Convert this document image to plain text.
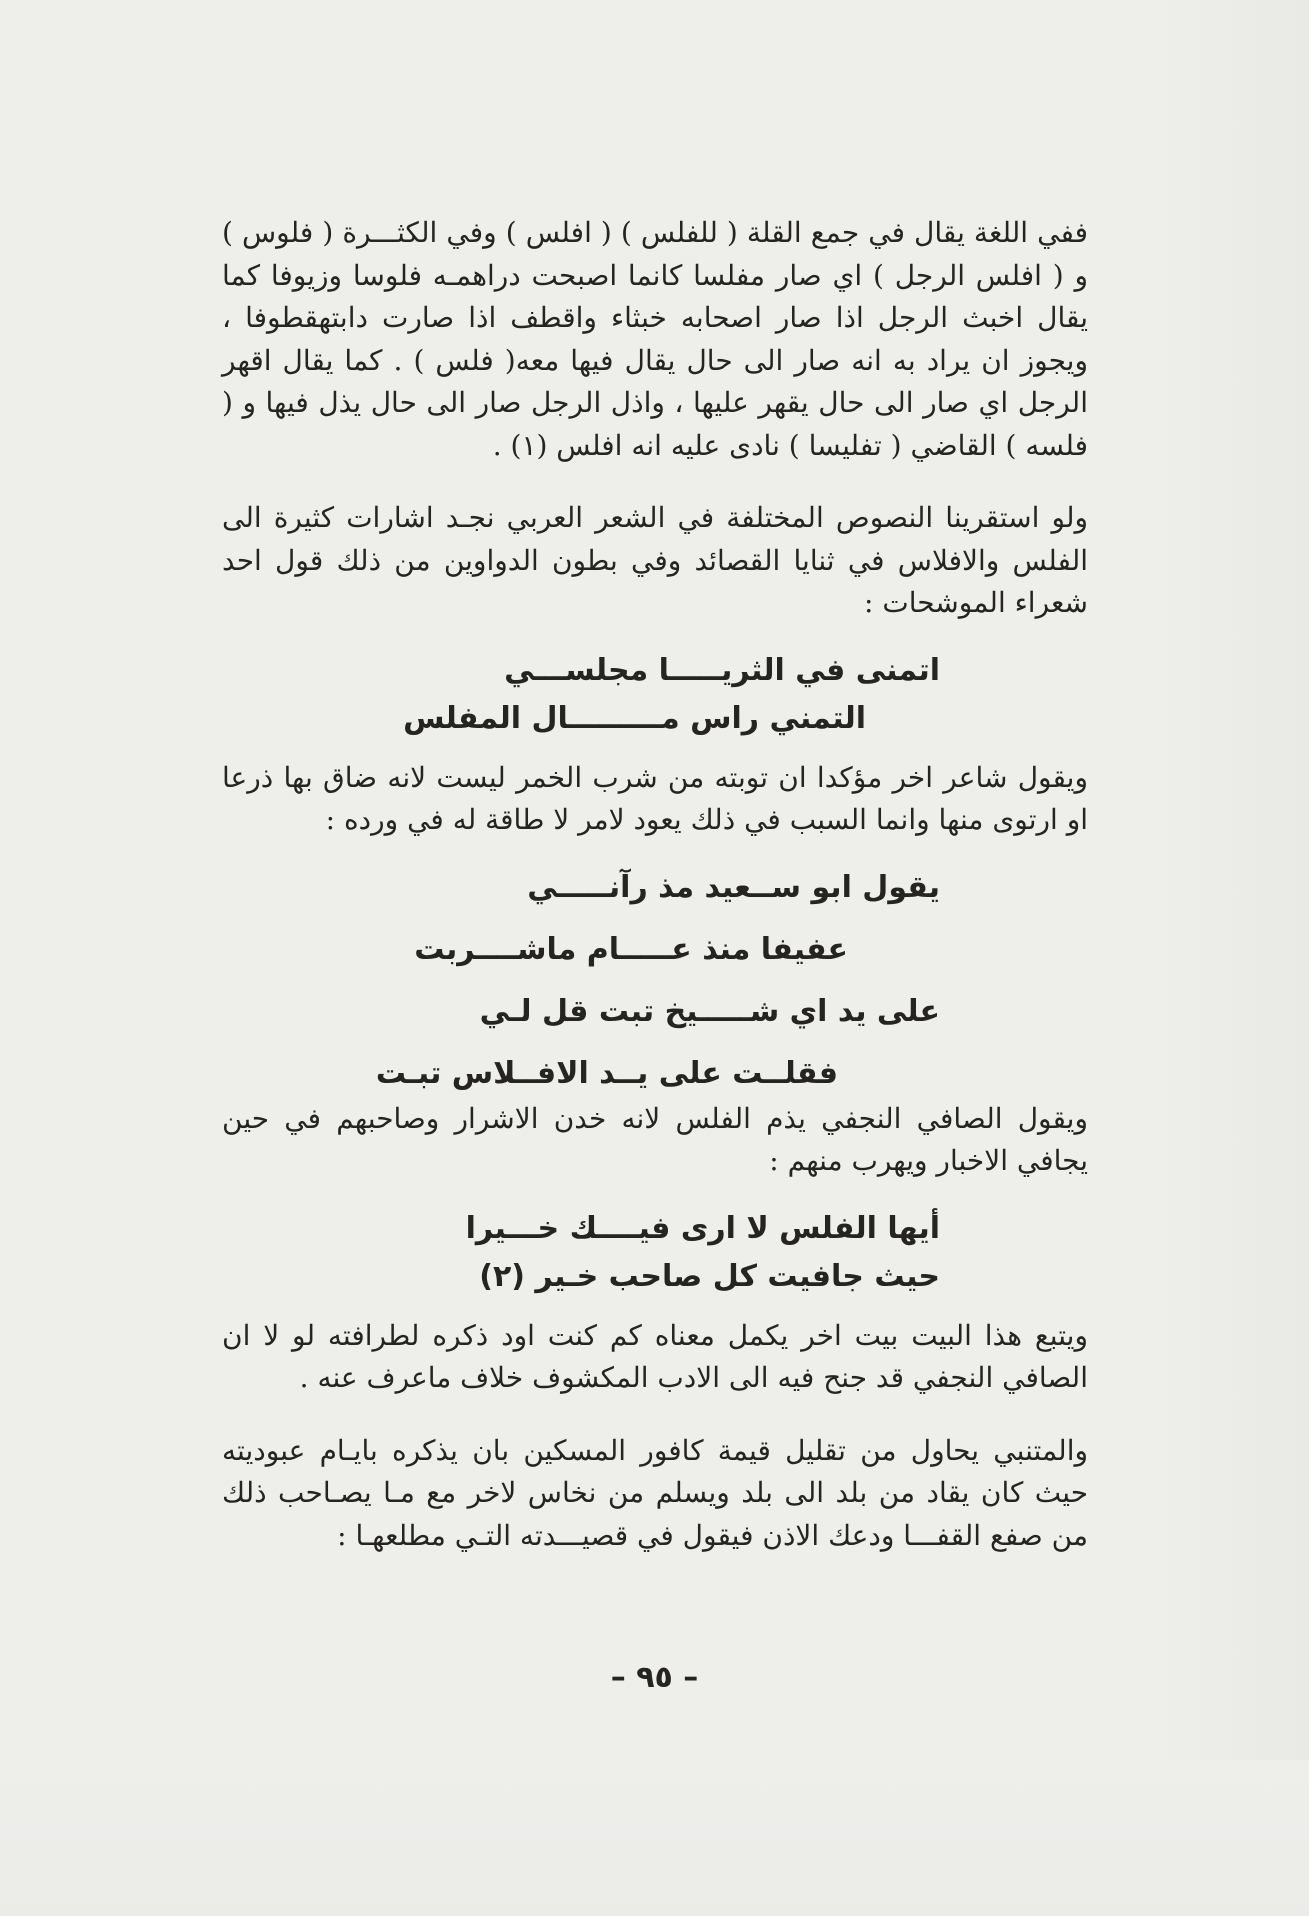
ففي اللغة يقال في جمع القلة ( للفلس ) ( افلس ) وفي الكثـــرة ( فلوس ) و ( افلس الرجل ) اي صار مفلسا كانما اصبحت دراهمـه فلوسا وزيوفا كما يقال اخبث الرجل اذا صار اصحابه خبثاء واقطف اذا صارت دابتهقطوفا ، ويجوز ان يراد به انه صار الى حال يقال فيها معه( فلس ) . كما يقال اقهر الرجل اي صار الى حال يقهر عليها ، واذل الرجل صار الى حال يذل فيها و ( فلسه ) القاضي ( تفليسا ) نادى عليه انه افلس (١) .

ولو استقرينا النصوص المختلفة في الشعر العربي نجـد اشارات كثيرة الى الفلس والافلاس في ثنايا القصائد وفي بطون الدواوين من ذلك قول احد شعراء الموشحات :

اتمنى في الثريـــــا مجلســـي

التمني راس مـــــــــال المفلس

ويقول شاعر اخر مؤكدا ان توبته من شرب الخمر ليست لانه ضاق بها ذرعا او ارتوى منها وانما السبب في ذلك يعود لامر لا طاقة له في ورده :

يقول ابو ســعيد مذ رآنـــــي

عفيفا منذ عـــــام ماشــــربت

على يد اي شـــــيخ تبت قل لـي

فقلــت على يــد الافــلاس تبـت

ويقول الصافي النجفي يذم الفلس لانه خدن الاشرار وصاحبهم في حين يجافي الاخبار ويهرب منهم :

أيها الفلس لا ارى فيــــك خـــيرا

حيث جافيت كل صاحب خـير (٢)

ويتبع هذا البيت بيت اخر يكمل معناه كم كنت اود ذكره لطرافته لو لا ان الصافي النجفي قد جنح فيه الى الادب المكشوف خلاف ماعرف عنه .

والمتنبي يحاول من تقليل قيمة كافور المسكين بان يذكره بايـام عبوديته حيث كان يقاد من بلد الى بلد ويسلم من نخاس لاخر مع مـا يصـاحب ذلك من صفع القفـــا ودعك الاذن فيقول في قصيـــدته التـي مطلعهـا :

– ٩٥ –
